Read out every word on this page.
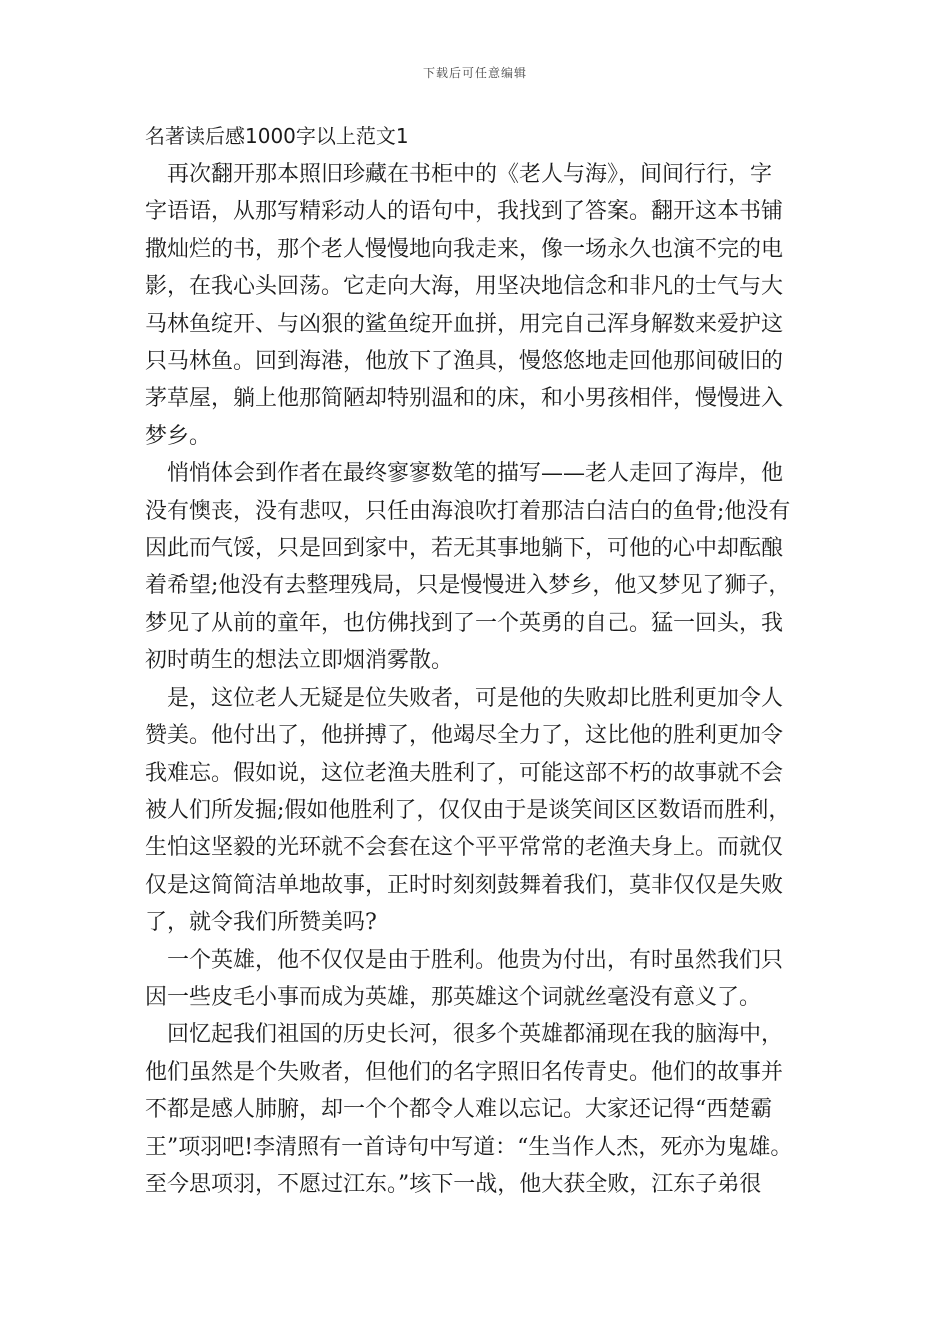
下载后可任意编辑
名著读后感1000字以上范文1

　再次翻开那本照旧珍藏在书柜中的《老人与海》，间间行行，字
字语语，从那写精彩动人的语句中，我找到了答案。翻开这本书铺
撒灿烂的书，那个老人慢慢地向我走来，像一场永久也演不完的电
影，在我心头回荡。它走向大海，用坚决地信念和非凡的士气与大
马林鱼绽开、与凶狠的鲨鱼绽开血拼，用完自己浑身解数来爱护这
只马林鱼。回到海港，他放下了渔具，慢悠悠地走回他那间破旧的
茅草屋，躺上他那简陋却特别温和的床，和小男孩相伴，慢慢进入
梦乡。

　悄悄体会到作者在最终寥寥数笔的描写——老人走回了海岸，他
没有懊丧，没有悲叹，只任由海浪吹打着那洁白洁白的鱼骨;他没有
因此而气馁，只是回到家中，若无其事地躺下，可他的心中却酝酿
着希望;他没有去整理残局，只是慢慢进入梦乡，他又梦见了狮子，
梦见了从前的童年，也仿佛找到了一个英勇的自己。猛一回头，我
初时萌生的想法立即烟消雾散。

　是，这位老人无疑是位失败者，可是他的失败却比胜利更加令人
赞美。他付出了，他拼搏了，他竭尽全力了，这比他的胜利更加令
我难忘。假如说，这位老渔夫胜利了，可能这部不朽的故事就不会
被人们所发掘;假如他胜利了，仅仅由于是谈笑间区区数语而胜利，
生怕这坚毅的光环就不会套在这个平平常常的老渔夫身上。而就仅
仅是这简简洁单地故事，正时时刻刻鼓舞着我们，莫非仅仅是失败
了，就令我们所赞美吗?

　一个英雄，他不仅仅是由于胜利。他贵为付出，有时虽然我们只
因一些皮毛小事而成为英雄，那英雄这个词就丝毫没有意义了。

　回忆起我们祖国的历史长河，很多个英雄都涌现在我的脑海中，
他们虽然是个失败者，但他们的名字照旧名传青史。他们的故事并
不都是感人肺腑，却一个个都令人难以忘记。大家还记得“西楚霸
王”项羽吧!李清照有一首诗句中写道：“生当作人杰，死亦为鬼雄。
至今思项羽，不愿过江东。”垓下一战，他大获全败，江东子弟很
